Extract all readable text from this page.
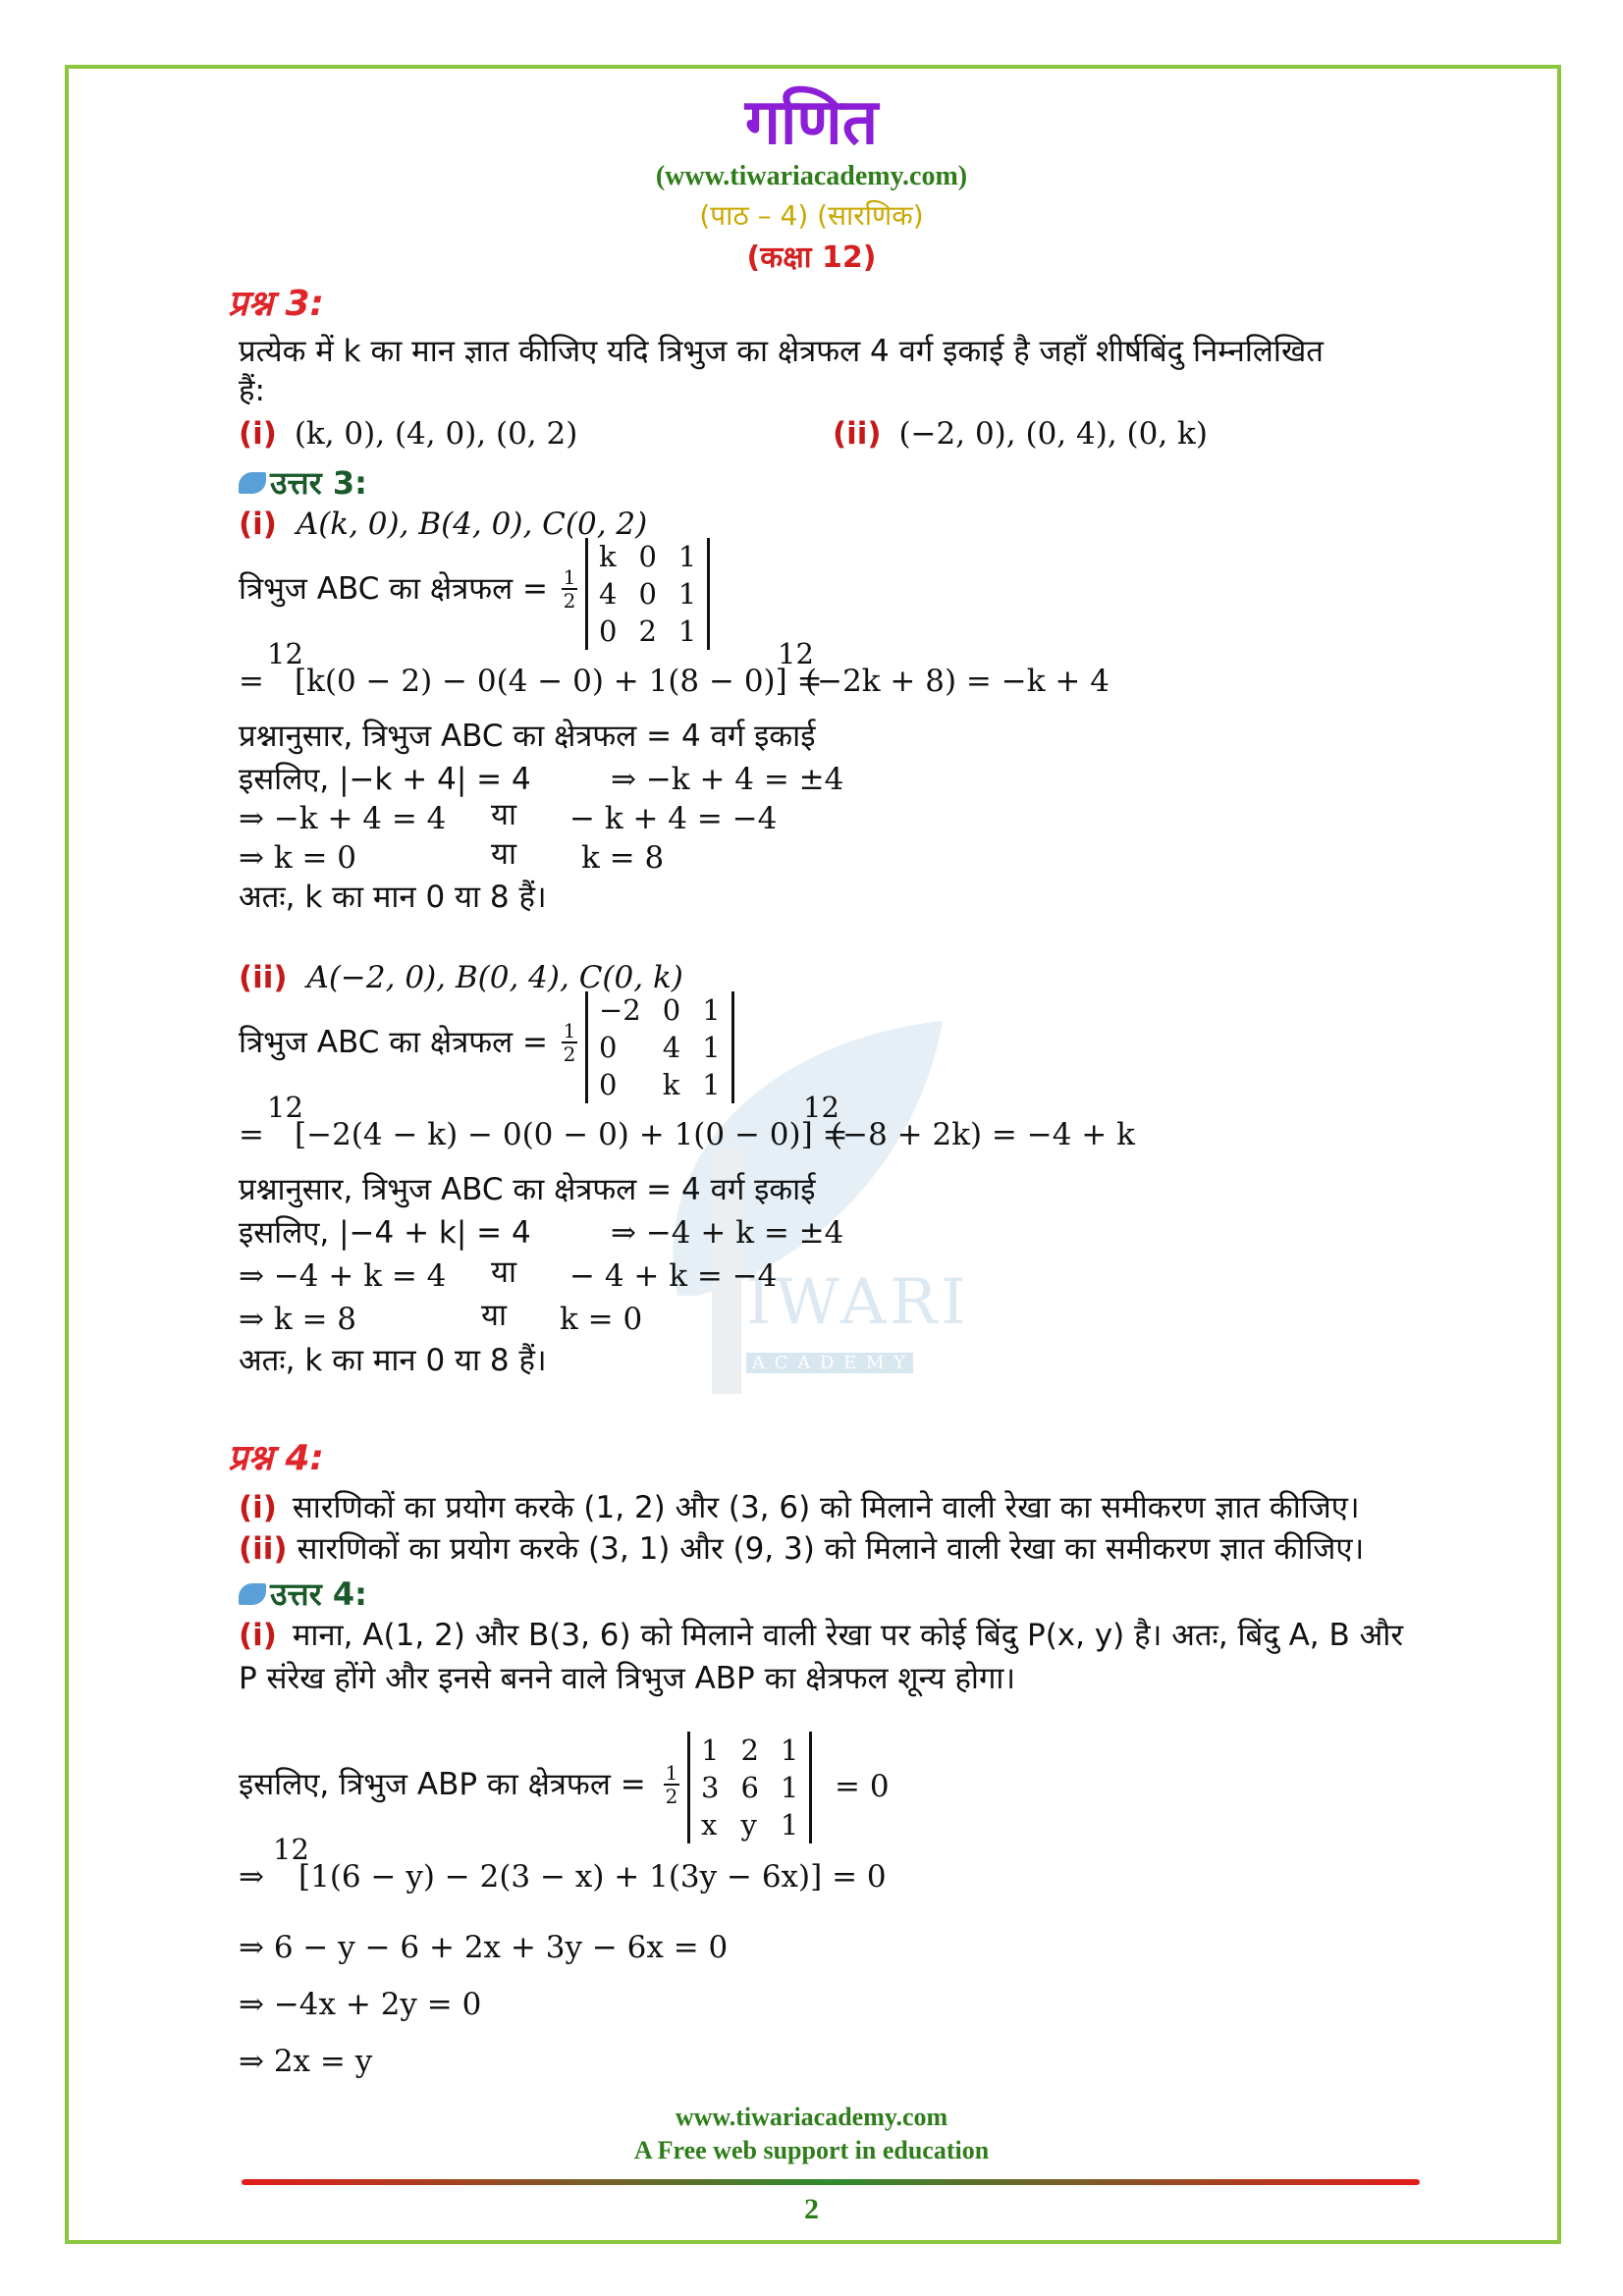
IWARI
A C A D E M Y
गणित
(www.tiwariacademy.com)
(पाठ – 4) (सारणिक)
(कक्षा 12)
प्रश्न 3:
प्रत्येक में k का मान ज्ञात कीजिए यदि त्रिभुज का क्षेत्रफल 4 वर्ग इकाई है जहाँ शीर्षबिंदु निम्नलिखित
हैं:
(i) (k, 0), (4, 0), (0, 2)	(ii) (−2, 0), (0, 4), (0, k)
उत्तर 3:
(i) A(k, 0), B(4, 0), C(0, 2)
त्रिभुज ABC का क्षेत्रफल = 1
2
k	0	1
4	0	1
0	2	1
=
12
[k(0 − 2) − 0(4 − 0) + 1(8 − 0)] =
12
(−2k + 8) = −k + 4
प्रश्नानुसार, त्रिभुज ABC का क्षेत्रफल = 4 वर्ग इकाई
इसलिए, |−k + 4| = 4	⇒ −k + 4 = ±4
⇒ −k + 4 = 4 या − k + 4 = −4
⇒ k = 0	या k = 8
अतः, k का मान 0 या 8 हैं।
(ii) A(−2, 0), B(0, 4), C(0, k)
त्रिभुज ABC का क्षेत्रफल = 1
2
−2	0	1
0	4	1
0	k	1
=
12
[−2(4 − k) − 0(0 − 0) + 1(0 − 0)] =
12
(−8 + 2k) = −4 + k
प्रश्नानुसार, त्रिभुज ABC का क्षेत्रफल = 4 वर्ग इकाई
इसलिए, |−4 + k| = 4	⇒ −4 + k = ±4
⇒ −4 + k = 4 या − 4 + k = −4
⇒ k = 8	या k = 0
अतः, k का मान 0 या 8 हैं।
प्रश्न 4:
(i) सारणिकों का प्रयोग करके (1, 2) और (3, 6) को मिलाने वाली रेखा का समीकरण ज्ञात कीजिए।
(ii) सारणिकों का प्रयोग करके (3, 1) और (9, 3) को मिलाने वाली रेखा का समीकरण ज्ञात कीजिए।
उत्तर 4:
(i) माना, A(1, 2) और B(3, 6) को मिलाने वाली रेखा पर कोई बिंदु P(x, y) है। अतः, बिंदु A, B और
P संरेख होंगे और इनसे बनने वाले त्रिभुज ABP का क्षेत्रफल शून्य होगा।
इसलिए, त्रिभुज ABP का क्षेत्रफल = 1
2
1	2	1
3	6	1
x	y	1
= 0
⇒
12
[1(6 − y) − 2(3 − x) + 1(3y − 6x)] = 0
⇒ 6 − y − 6 + 2x + 3y − 6x = 0
⇒ −4x + 2y = 0
⇒ 2x = y
www.tiwariacademy.com
A Free web support in education
2
